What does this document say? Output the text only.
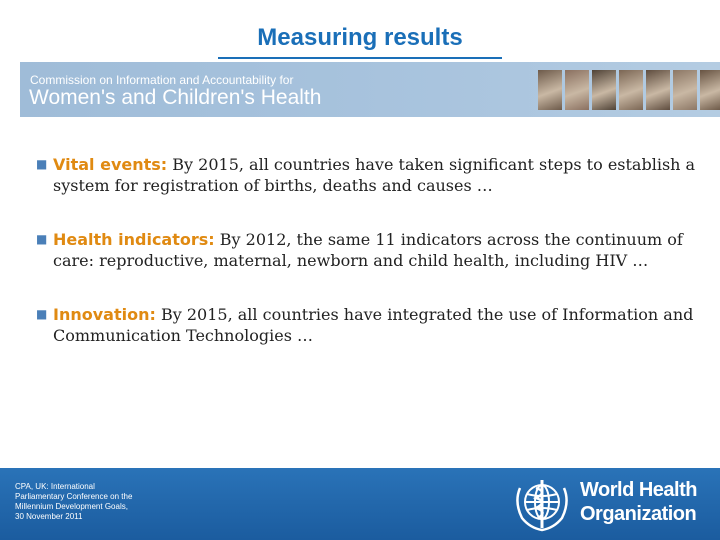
Measuring results
Commission on Information and Accountability for
Women's and Children's Health
■ Vital events: By 2015, all countries have taken significant steps to establish a system for registration of births, deaths and causes …
■ Health indicators: By 2012, the same 11 indicators across the continuum of care: reproductive, maternal, newborn and child health, including HIV …
■ Innovation: By 2015, all countries have integrated the use of Information and Communication Technologies …
CPA, UK: International
Parliamentary Conference on the
Millennium Development Goals,
30 November 2011
World Health
Organization
